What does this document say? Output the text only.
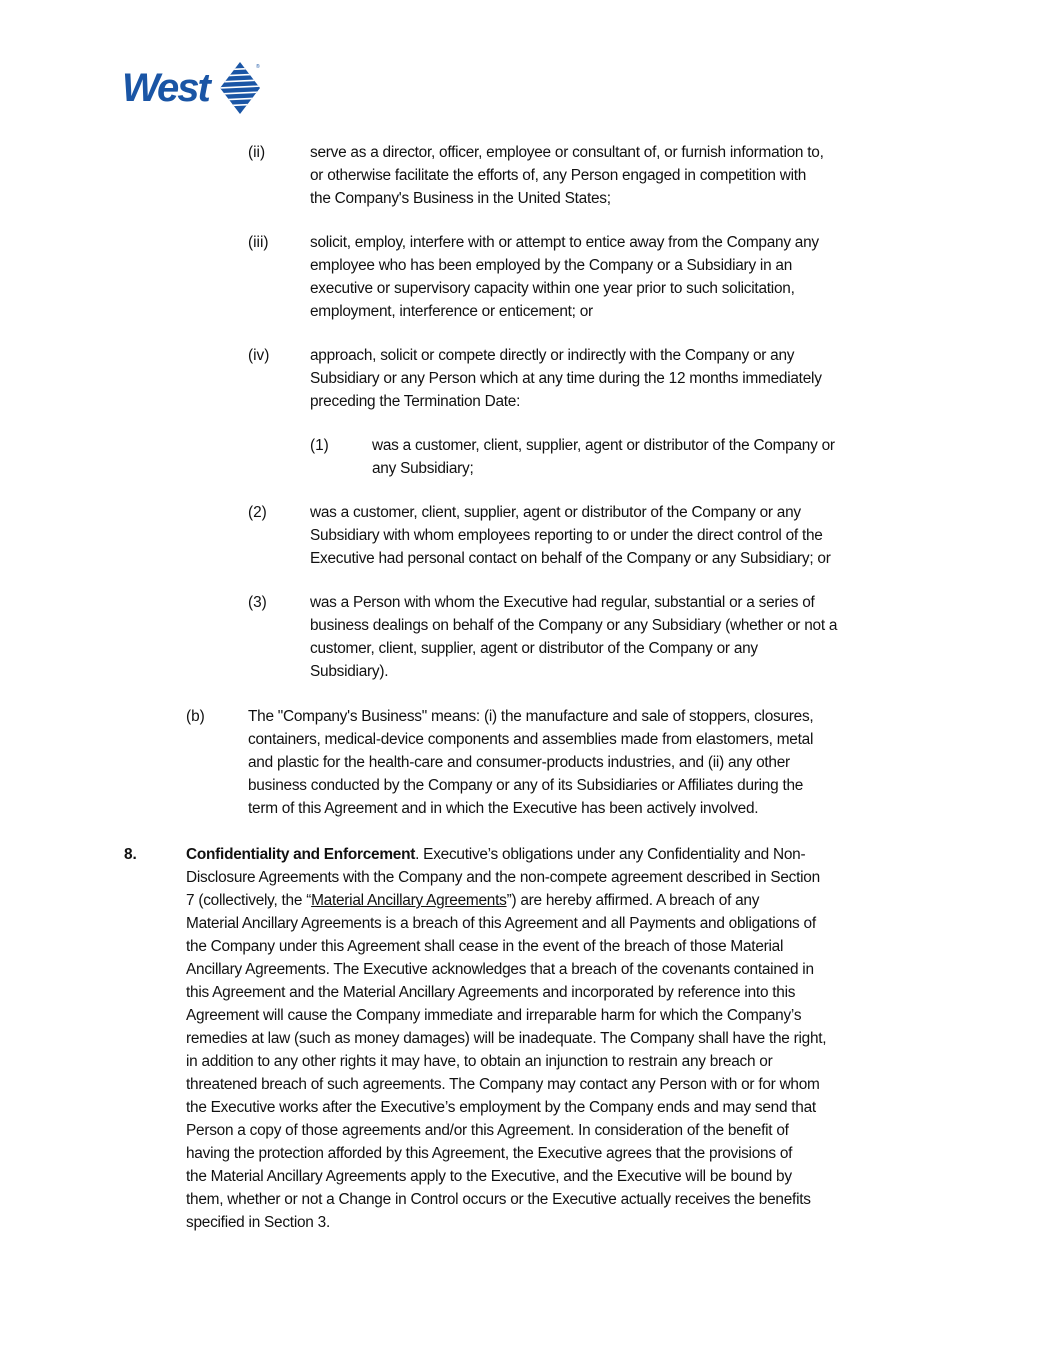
West	®
(ii)	serve as a director, officer, employee or consultant of, or furnish information to,
or otherwise facilitate the efforts of, any Person engaged in competition with
the Company's Business in the United States;
(iii)	solicit, employ, interfere with or attempt to entice away from the Company any
employee who has been employed by the Company or a Subsidiary in an
executive or supervisory capacity within one year prior to such solicitation,
employment, interference or enticement; or
(iv)	approach, solicit or compete directly or indirectly with the Company or any
Subsidiary or any Person which at any time during the 12 months immediately
preceding the Termination Date:
(1)	was a customer, client, supplier, agent or distributor of the Company or
any Subsidiary;
(2)	was a customer, client, supplier, agent or distributor of the Company or any
Subsidiary with whom employees reporting to or under the direct control of the
Executive had personal contact on behalf of the Company or any Subsidiary; or
(3)	was a Person with whom the Executive had regular, substantial or a series of
business dealings on behalf of the Company or any Subsidiary (whether or not a
customer, client, supplier, agent or distributor of the Company or any
Subsidiary).
(b)	The "Company's Business" means: (i) the manufacture and sale of stoppers, closures,
containers, medical-device components and assemblies made from elastomers, metal
and plastic for the health-care and consumer-products industries, and (ii) any other
business conducted by the Company or any of its Subsidiaries or Affiliates during the
term of this Agreement and in which the Executive has been actively involved.
8.	Confidentiality and Enforcement. Executive’s obligations under any Confidentiality and Non-
Disclosure Agreements with the Company and the non-compete agreement described in Section
7 (collectively, the “Material Ancillary Agreements”) are hereby affirmed. A breach of any
Material Ancillary Agreements is a breach of this Agreement and all Payments and obligations of
the Company under this Agreement shall cease in the event of the breach of those Material
Ancillary Agreements. The Executive acknowledges that a breach of the covenants contained in
this Agreement and the Material Ancillary Agreements and incorporated by reference into this
Agreement will cause the Company immediate and irreparable harm for which the Company’s
remedies at law (such as money damages) will be inadequate. The Company shall have the right,
in addition to any other rights it may have, to obtain an injunction to restrain any breach or
threatened breach of such agreements. The Company may contact any Person with or for whom
the Executive works after the Executive’s employment by the Company ends and may send that
Person a copy of those agreements and/or this Agreement. In consideration of the benefit of
having the protection afforded by this Agreement, the Executive agrees that the provisions of
the Material Ancillary Agreements apply to the Executive, and the Executive will be bound by
them, whether or not a Change in Control occurs or the Executive actually receives the benefits
specified in Section 3.
